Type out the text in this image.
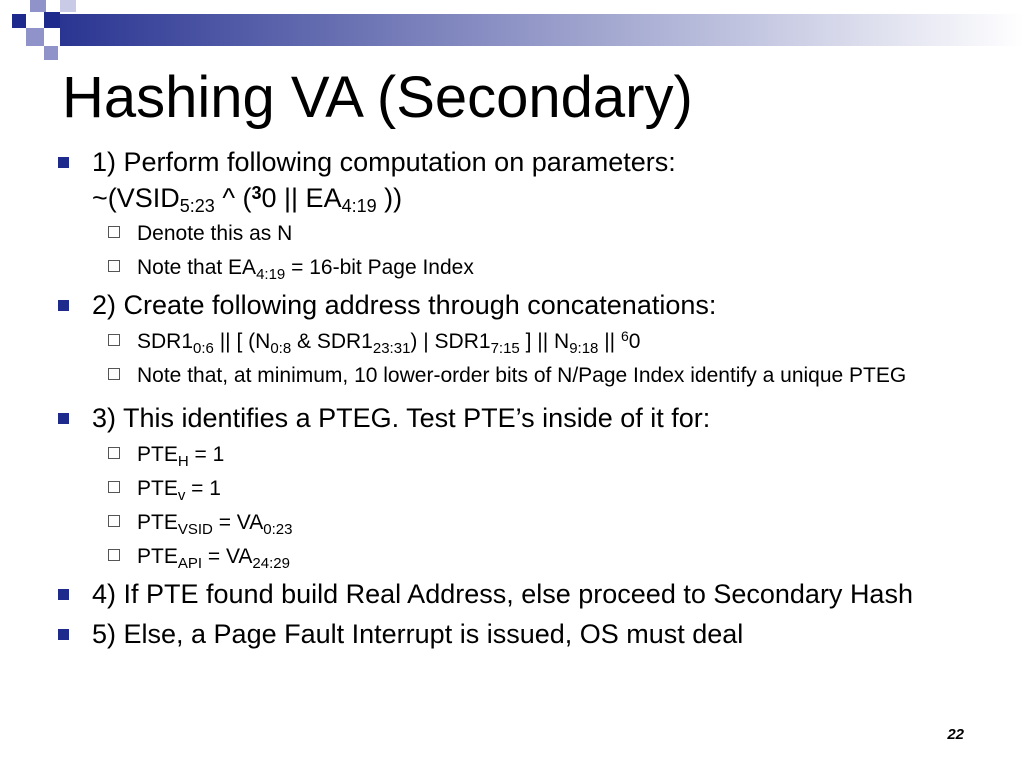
Hashing VA (Secondary)
1) Perform following computation on parameters:
$\sim(VSID_{5:23}$ ^ ($^3$0 || $EA_{4:19}$ ))
Denote this as N
Note that $EA_{4:19} = 16-bit$ Page Index
2) Create following address through concatenations:
$SDR1_{0:6}$ || [ ($N_{0:8}$ & $SDR1_{23:31}$) | $SDR1_{7:15}$ ] || $N_{9:18}$ || $^6$0
Note that, at minimum, 10 lower-order bits of N/Page Index identify a unique PTEG
3) This identifies a PTEG. Test PTE’s inside of it for:
$PTE_H = 1$
$PTE_v = 1$
$PTE_{VSID} = VA_{0:23}$
$PTE_{API} = VA_{24:29}$
4) If PTE found build Real Address, else proceed to Secondary Hash
5) Else, a Page Fault Interrupt is issued, OS must deal
22
